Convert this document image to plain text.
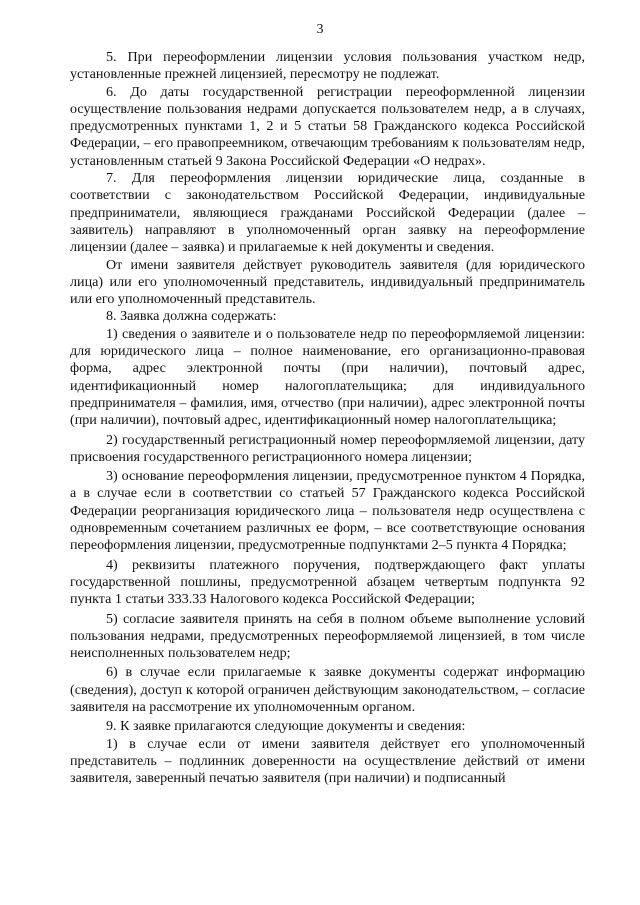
3

5. При переоформлении лицензии условия пользования участком недр, установленные прежней лицензией, пересмотру не подлежат.

6. До даты государственной регистрации переоформленной лицензии осуществление пользования недрами допускается пользователем недр, а в случаях, предусмотренных пунктами 1, 2 и 5 статьи 58 Гражданского кодекса Российской Федерации, – его правопреемником, отвечающим требованиям к пользователям недр, установленным статьей 9 Закона Российской Федерации «О недрах».

7. Для переоформления лицензии юридические лица, созданные в соответствии с законодательством Российской Федерации, индивидуальные предприниматели, являющиеся гражданами Российской Федерации (далее – заявитель) направляют в уполномоченный орган заявку на переоформление лицензии (далее – заявка) и прилагаемые к ней документы и сведения.

От имени заявителя действует руководитель заявителя (для юридического лица) или его уполномоченный представитель, индивидуальный предприниматель или его уполномоченный представитель.

8. Заявка должна содержать:

1) сведения о заявителе и о пользователе недр по переоформляемой лицензии: для юридического лица – полное наименование, его организационно-правовая форма, адрес электронной почты (при наличии), почтовый адрес, идентификационный номер налогоплательщика; для индивидуального предпринимателя – фамилия, имя, отчество (при наличии), адрес электронной почты (при наличии), почтовый адрес, идентификационный номер налогоплательщика;

2) государственный регистрационный номер переоформляемой лицензии, дату присвоения государственного регистрационного номера лицензии;

3) основание переоформления лицензии, предусмотренное пунктом 4 Порядка, а в случае если в соответствии со статьей 57 Гражданского кодекса Российской Федерации реорганизация юридического лица – пользователя недр осуществлена с одновременным сочетанием различных ее форм, – все соответствующие основания переоформления лицензии, предусмотренные подпунктами 2–5 пункта 4 Порядка;

4) реквизиты платежного поручения, подтверждающего факт уплаты государственной пошлины, предусмотренной абзацем четвертым подпункта 92 пункта 1 статьи 333.33 Налогового кодекса Российской Федерации;

5) согласие заявителя принять на себя в полном объеме выполнение условий пользования недрами, предусмотренных переоформляемой лицензией, в том числе неисполненных пользователем недр;

6) в случае если прилагаемые к заявке документы содержат информацию (сведения), доступ к которой ограничен действующим законодательством, – согласие заявителя на рассмотрение их уполномоченным органом.

9. К заявке прилагаются следующие документы и сведения:

1) в случае если от имени заявителя действует его уполномоченный представитель – подлинник доверенности на осуществление действий от имени заявителя, заверенный печатью заявителя (при наличии) и подписанный
